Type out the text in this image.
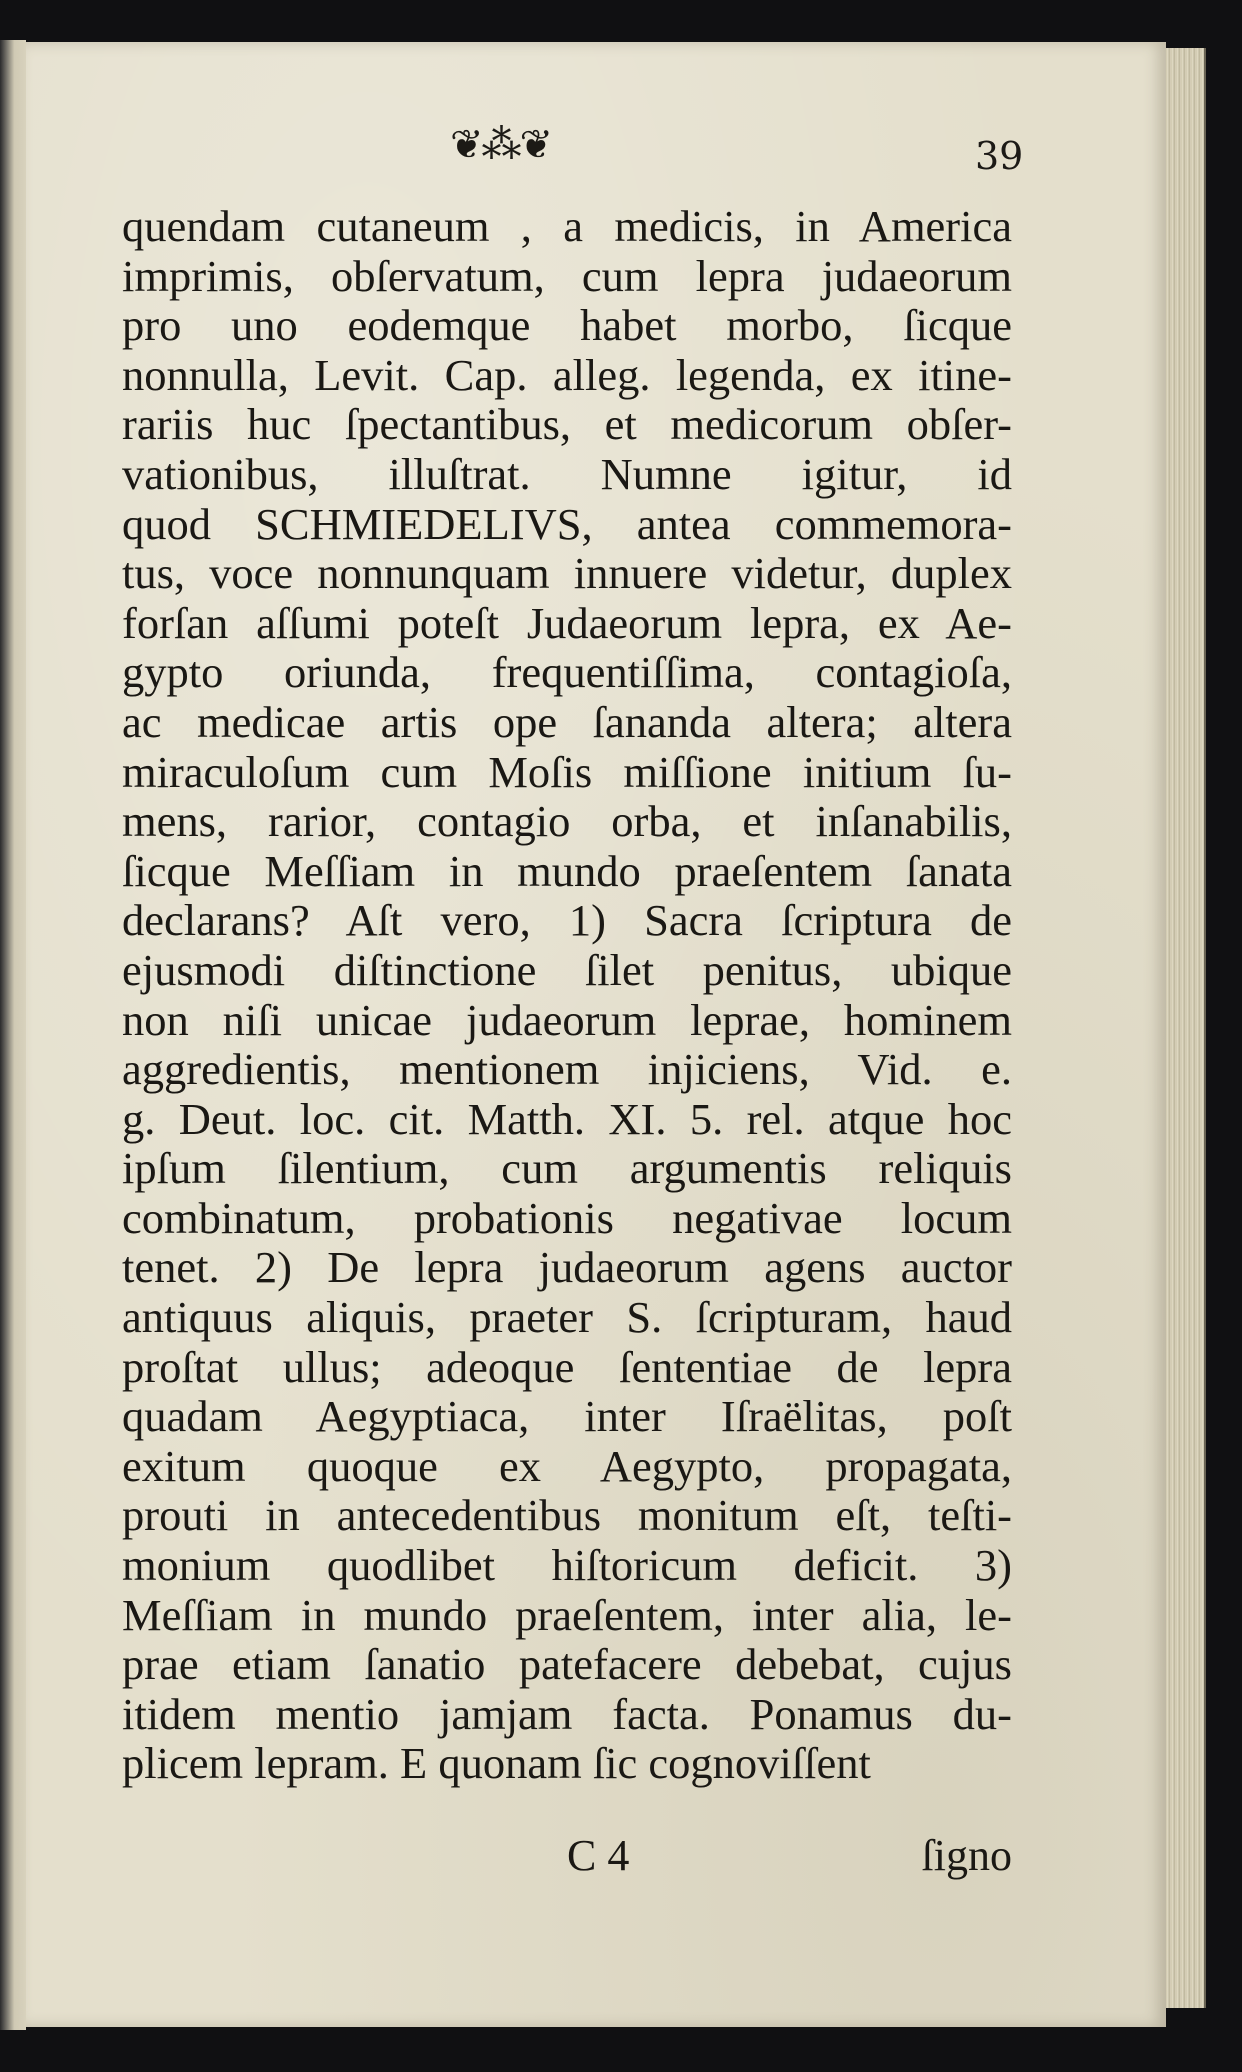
❦⁂❦	39
quendam cutaneum , a medicis, in America
imprimis, obſervatum, cum lepra judaeorum
pro uno eodemque habet morbo, ſicque
nonnulla, Levit. Cap. alleg. legenda, ex itine-
rariis huc ſpectantibus, et medicorum obſer-
vationibus, illuſtrat. Numne igitur, id
quod SCHMIEDELIVS, antea commemora-
tus, voce nonnunquam innuere videtur, duplex
forſan aſſumi poteſt Judaeorum lepra, ex Ae-
gypto oriunda, frequentiſſima, contagioſa,
ac medicae artis ope ſananda altera; altera
miraculoſum cum Moſis miſſione initium ſu-
mens, rarior, contagio orba, et inſanabilis,
ſicque Meſſiam in mundo praeſentem ſanata
declarans? Aſt vero, 1) Sacra ſcriptura de
ejusmodi diſtinctione ſilet penitus, ubique
non niſi unicae judaeorum leprae, hominem
aggredientis, mentionem injiciens, Vid. e.
g. Deut. loc. cit. Matth. XI. 5. rel. atque hoc
ipſum ſilentium, cum argumentis reliquis
combinatum, probationis negativae locum
tenet. 2) De lepra judaeorum agens auctor
antiquus aliquis, praeter S. ſcripturam, haud
proſtat ullus; adeoque ſententiae de lepra
quadam Aegyptiaca, inter Iſraëlitas, poſt
exitum quoque ex Aegypto, propagata,
prouti in antecedentibus monitum eſt, teſti-
monium quodlibet hiſtoricum deficit. 3)
Meſſiam in mundo praeſentem, inter alia, le-
prae etiam ſanatio patefacere debebat, cujus
itidem mentio jamjam facta. Ponamus du-
plicem lepram. E quonam ſic cognoviſſent
C 4	ſigno
